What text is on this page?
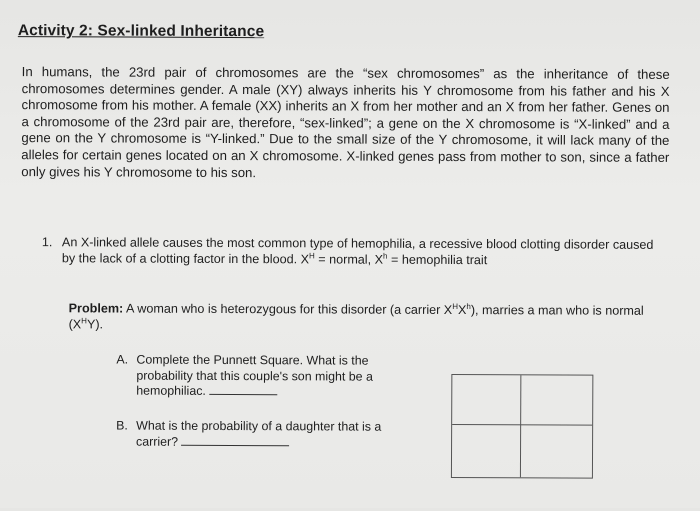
Activity 2: Sex-linked Inheritance

In humans, the 23rd pair of chromosomes are the “sex chromosomes” as the inheritance of these chromosomes determines gender. A male (XY) always inherits his Y chromosome from his father and his X chromosome from his mother. A female (XX) inherits an X from her mother and an X from her father. Genes on a chromosome of the 23rd pair are, therefore, “sex-linked”; a gene on the X chromosome is “X-linked” and a gene on the Y chromosome is “Y-linked.” Due to the small size of the Y chromosome, it will lack many of the alleles for certain genes located on an X chromosome. X-linked genes pass from mother to son, since a father only gives his Y chromosome to his son.

1. An X-linked allele causes the most common type of hemophilia, a recessive blood clotting disorder caused by the lack of a clotting factor in the blood. $X^H$ = normal, $X^h$ = hemophilia trait

Problem: A woman who is heterozygous for this disorder (a carrier $X^HX^h$), marries a man who is normal $(X^HY)$.

A. Complete the Punnett Square. What is the probability that this couple's son might be a hemophiliac.
B. What is the probability of a daughter that is a carrier?
